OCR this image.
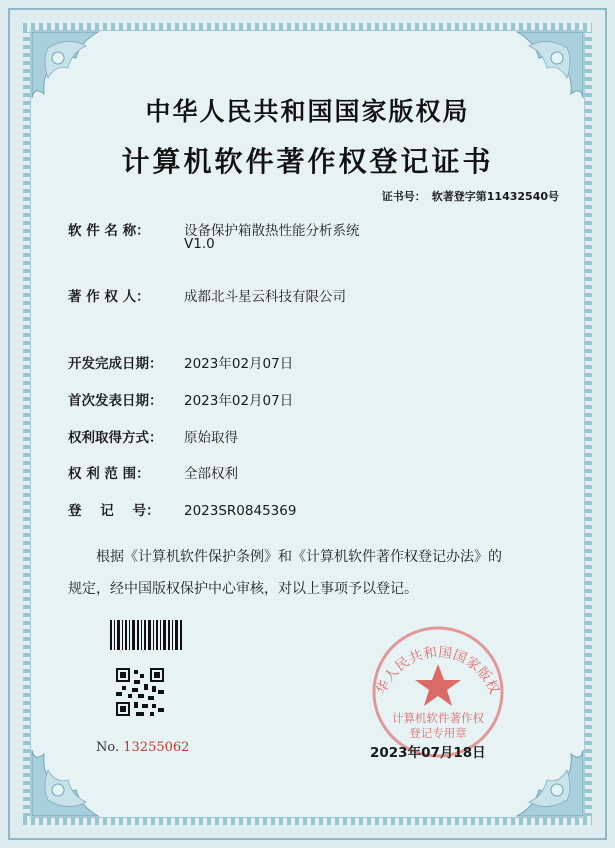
中华人民共和国国家版权局
计算机软件著作权登记证书
证书号： 软著登字第11432540号
软 件 名 称：	设备保护箱散热性能分析系统
V1.0
著 作 权 人：	成都北斗星云科技有限公司
开发完成日期： 2023年02月07日
首次发表日期： 2023年02月07日
权利取得方式： 原始取得
权 利 范 围：	全部权利
登    记    号： 2023SR0845369
根据《计算机软件保护条例》和《计算机软件著作权登记办法》的
规定，经中国版权保护中心审核，对以上事项予以登记。
No. 13255062
华人民共和国国家版权
计算机软件著作权
登记专用章
2023年07月18日
